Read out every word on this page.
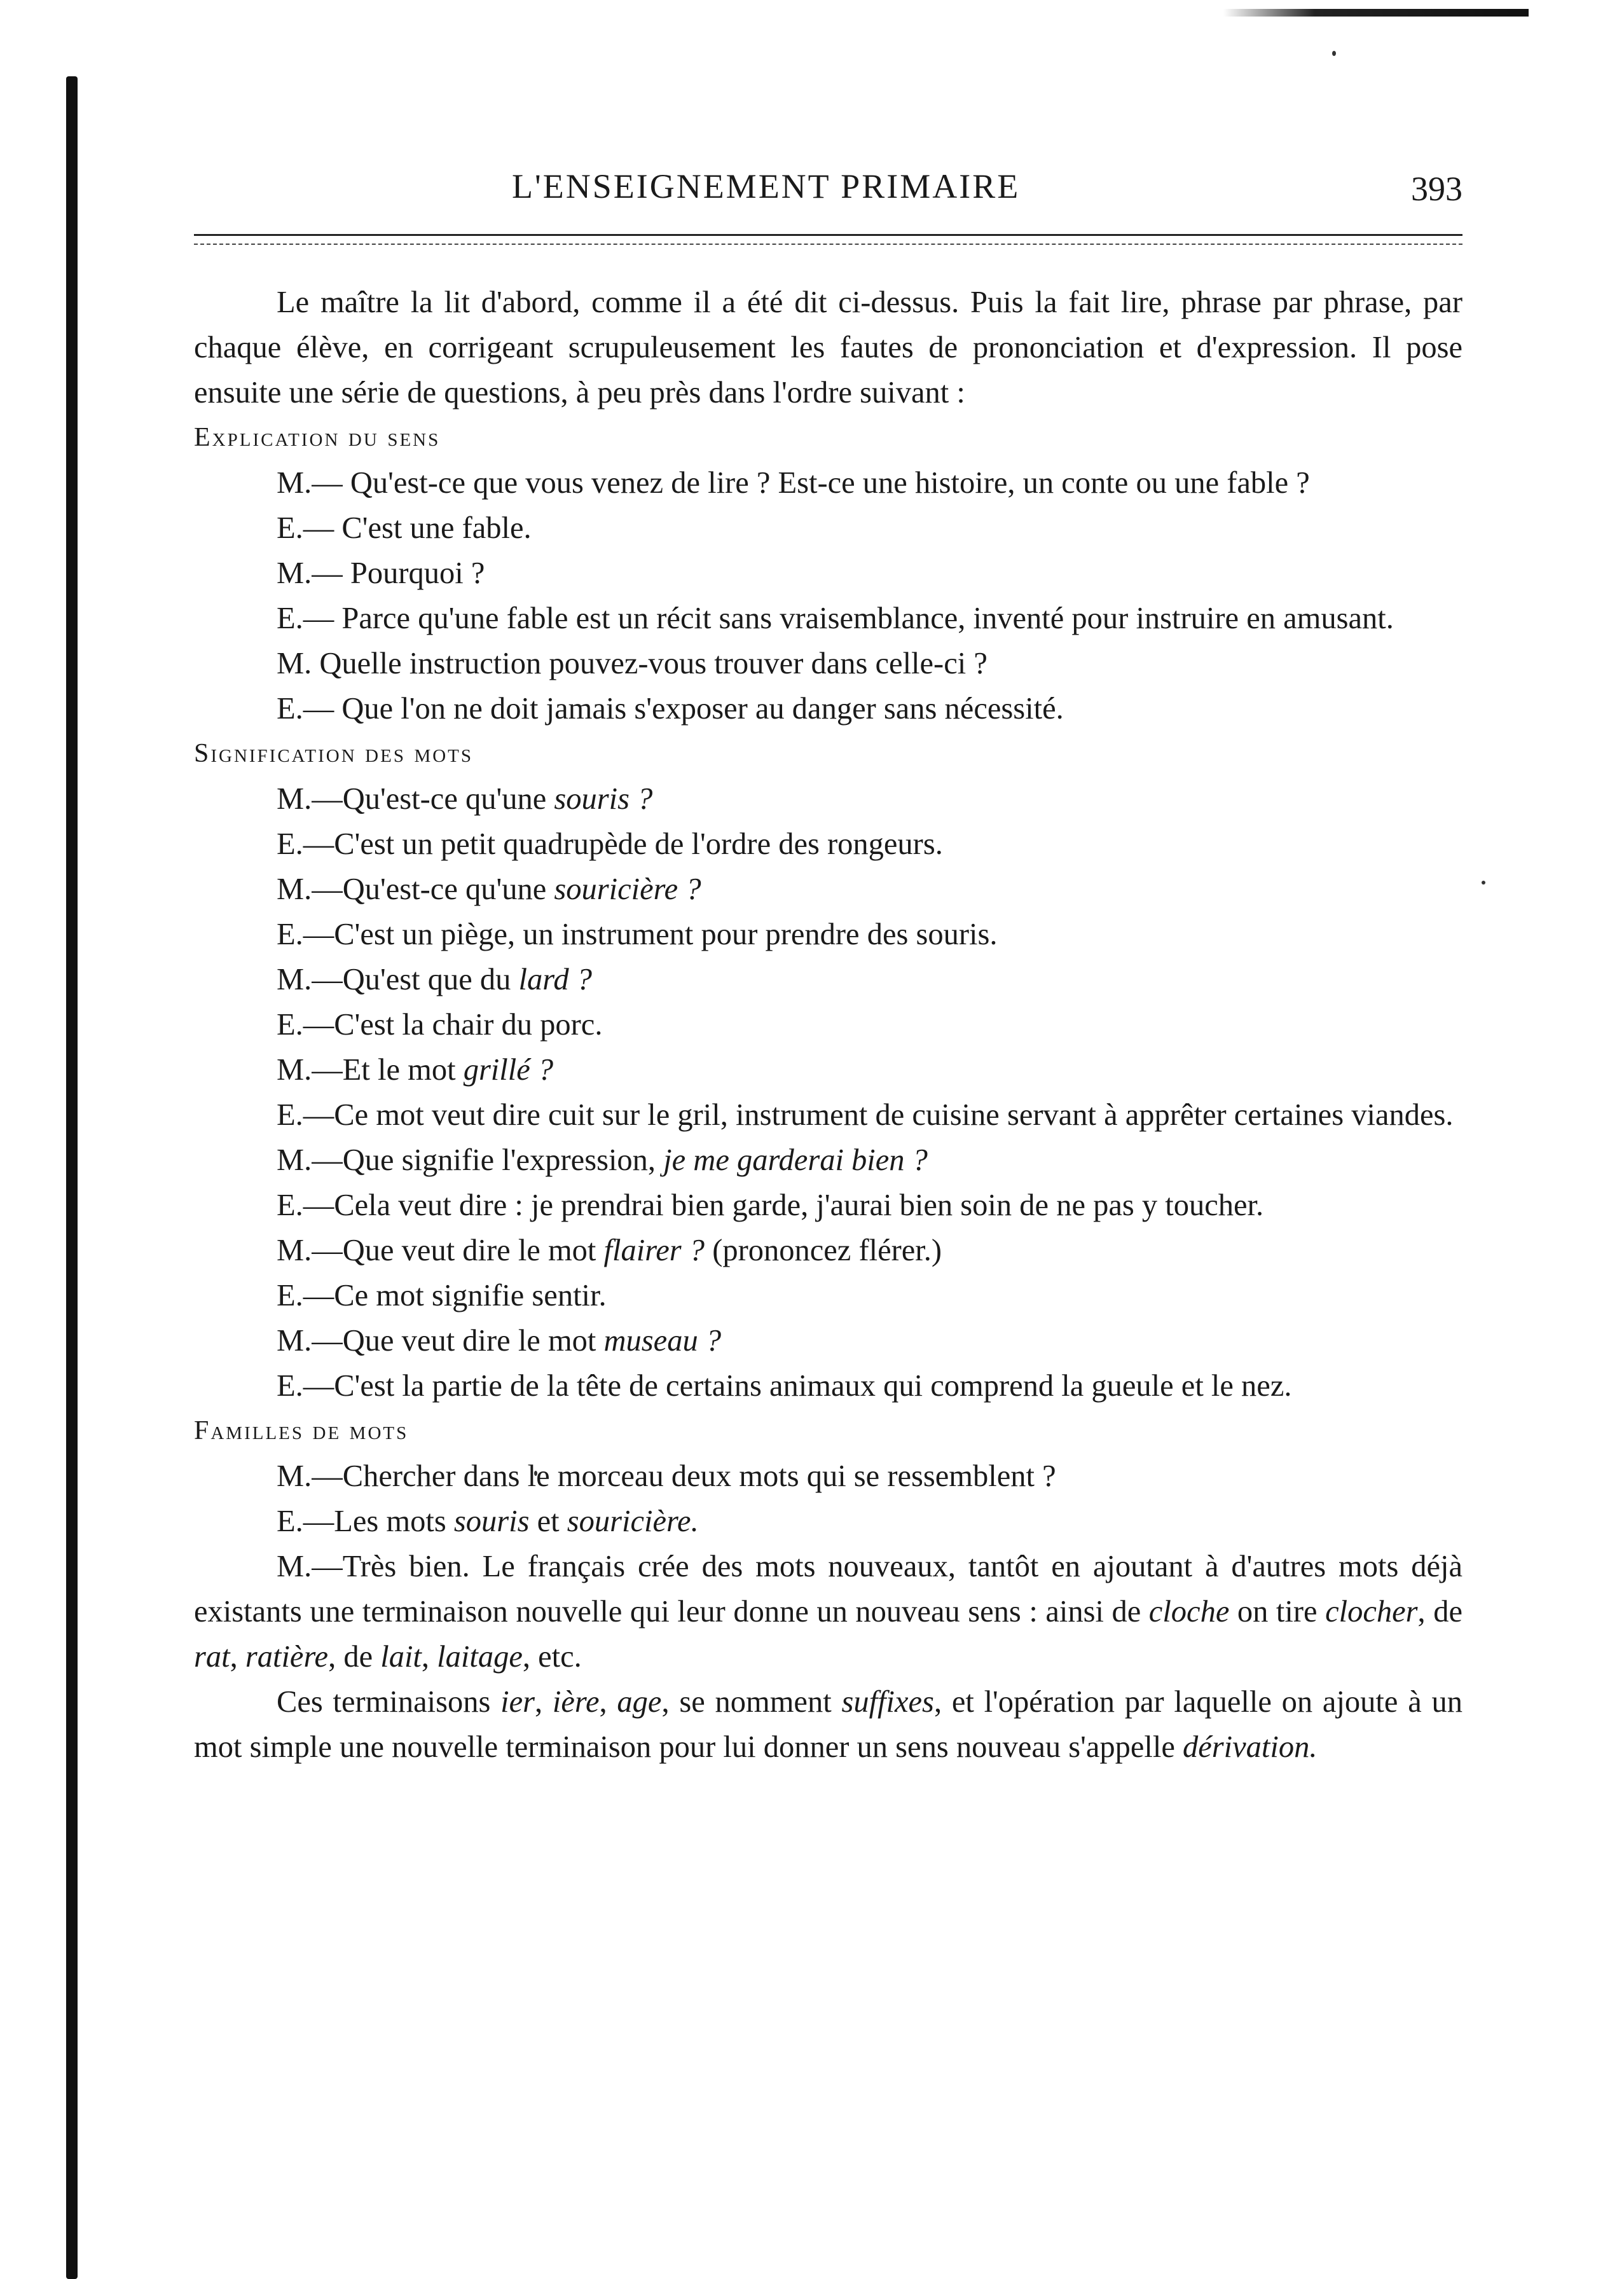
L'ENSEIGNEMENT PRIMAIRE	393

Le maître la lit d'abord, comme il a été dit ci-dessus. Puis la fait lire, phrase par phrase, par chaque élève, en corrigeant scrupuleusement les fautes de prononciation et d'expression. Il pose ensuite une série de questions, à peu près dans l'ordre suivant :

Explication du sens

M.— Qu'est-ce que vous venez de lire ? Est-ce une histoire, un conte ou une fable ?

E.— C'est une fable.

M.— Pourquoi ?

E.— Parce qu'une fable est un récit sans vraisemblance, inventé pour instruire en amusant.

M. Quelle instruction pouvez-vous trouver dans celle-ci ?

E.— Que l'on ne doit jamais s'exposer au danger sans nécessité.

Signification des mots

M.—Qu'est-ce qu'une souris ?

E.—C'est un petit quadrupède de l'ordre des rongeurs.

M.—Qu'est-ce qu'une souricière ?

E.—C'est un piège, un instrument pour prendre des souris.

M.—Qu'est que du lard ?

E.—C'est la chair du porc.

M.—Et le mot grillé ?

E.—Ce mot veut dire cuit sur le gril, instrument de cuisine servant à apprêter certaines viandes.

M.—Que signifie l'expression, je me garderai bien ?

E.—Cela veut dire : je prendrai bien garde, j'aurai bien soin de ne pas y toucher.

M.—Que veut dire le mot flairer ? (prononcez flérer.)

E.—Ce mot signifie sentir.

M.—Que veut dire le mot museau ?

E.—C'est la partie de la tête de certains animaux qui comprend la gueule et le nez.

Familles de mots

M.—Chercher dans le morceau deux mots qui se ressemblent ?

E.—Les mots souris et souricière.

M.—Très bien. Le français crée des mots nouveaux, tantôt en ajoutant à d'autres mots déjà existants une terminaison nouvelle qui leur donne un nouveau sens : ainsi de cloche on tire clocher, de rat, ratière, de lait, laitage, etc.

Ces terminaisons ier, ière, age, se nomment suffixes, et l'opération par laquelle on ajoute à un mot simple une nouvelle terminaison pour lui donner un sens nouveau s'appelle dérivation.
